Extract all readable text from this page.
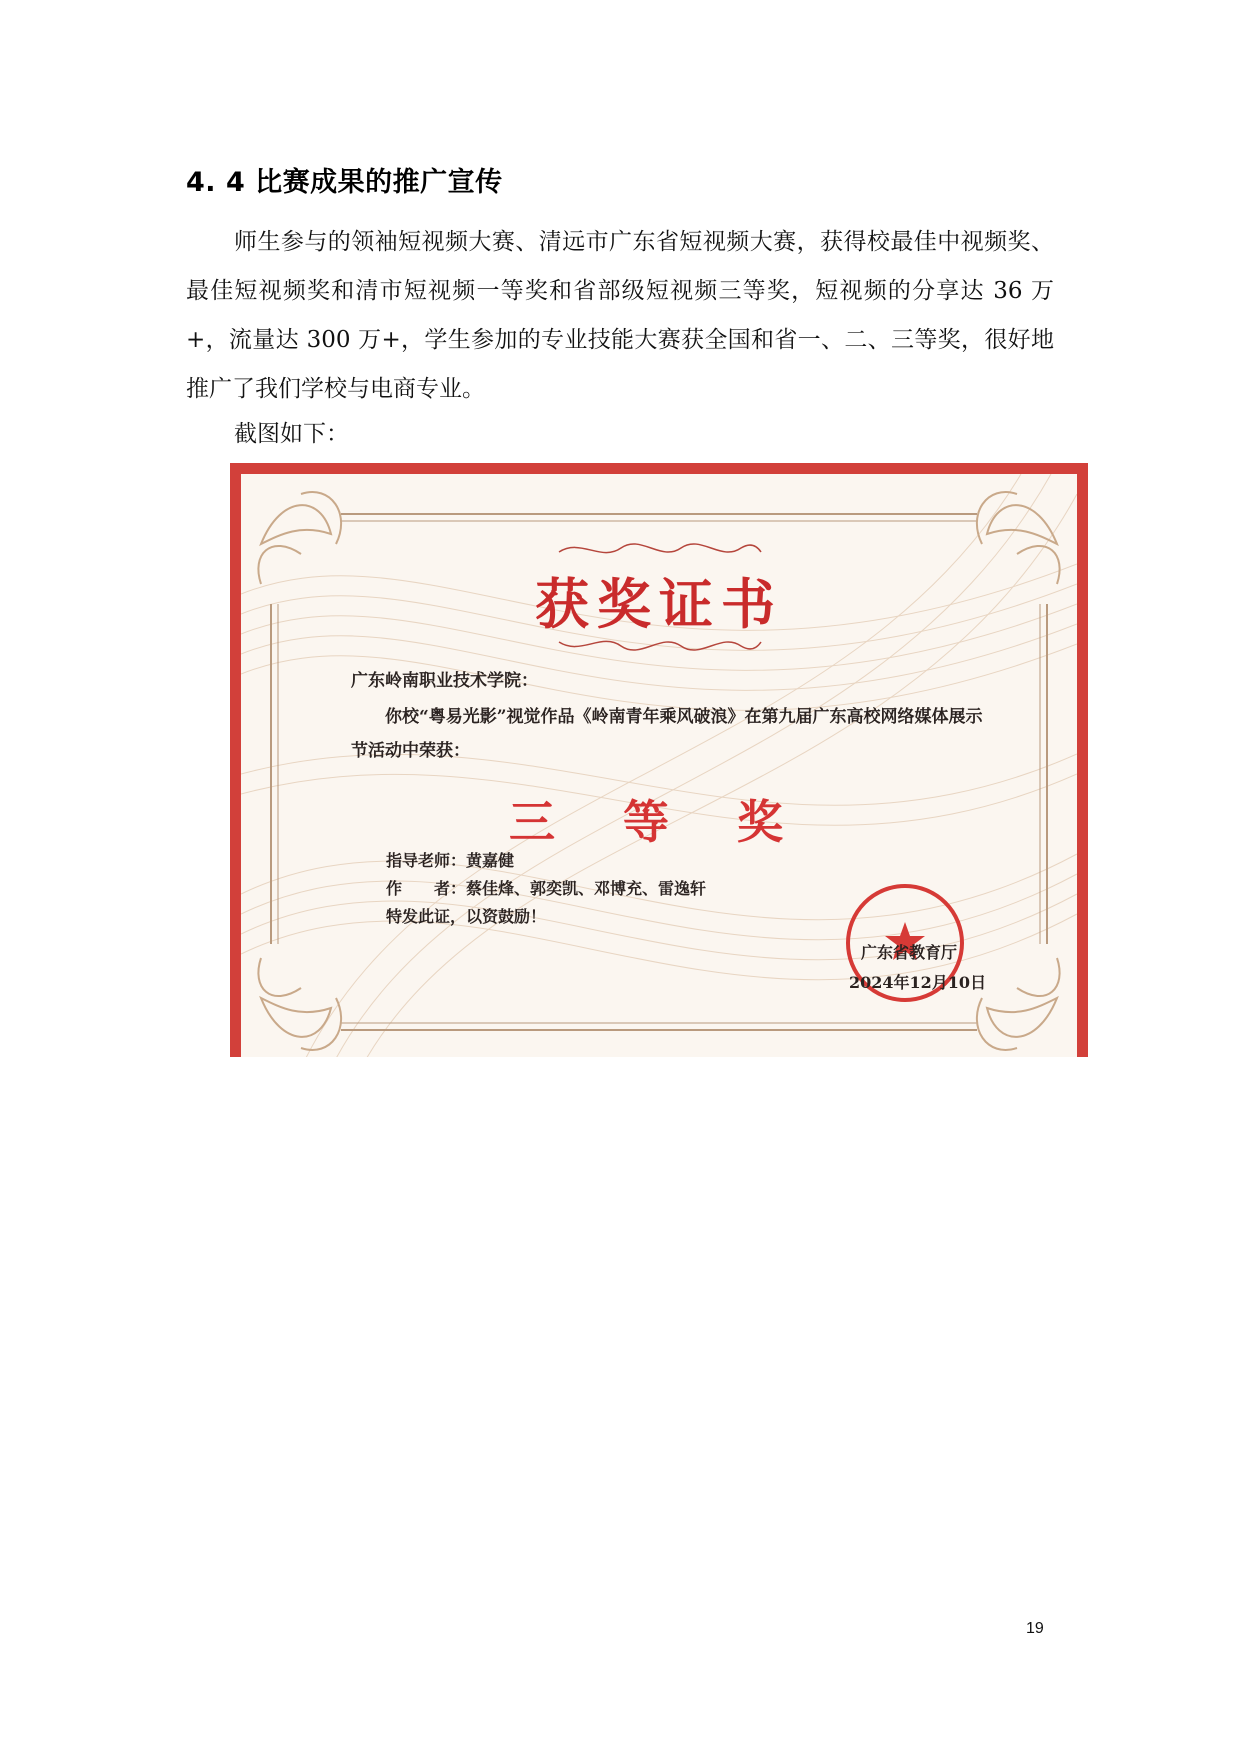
4. 4 比赛成果的推广宣传

师生参与的领袖短视频大赛、清远市广东省短视频大赛，获得校最佳中视频奖、最佳短视频奖和清市短视频一等奖和省部级短视频三等奖，短视频的分享达 36 万+，流量达 300 万+，学生参加的专业技能大赛获全国和省一、二、三等奖，很好地推广了我们学校与电商专业。

截图如下：

获奖证书
广东岭南职业技术学院：
你校“粤易光影”视觉作品《岭南青年乘风破浪》在第九届广东高校网络媒体展示节活动中荣获：
三 等 奖
指导老师：黄嘉健
作　　者：蔡佳烽、郭奕凯、邓博充、雷逸轩
特发此证，以资鼓励！
广东省教育厅
2024年12月10日
19
